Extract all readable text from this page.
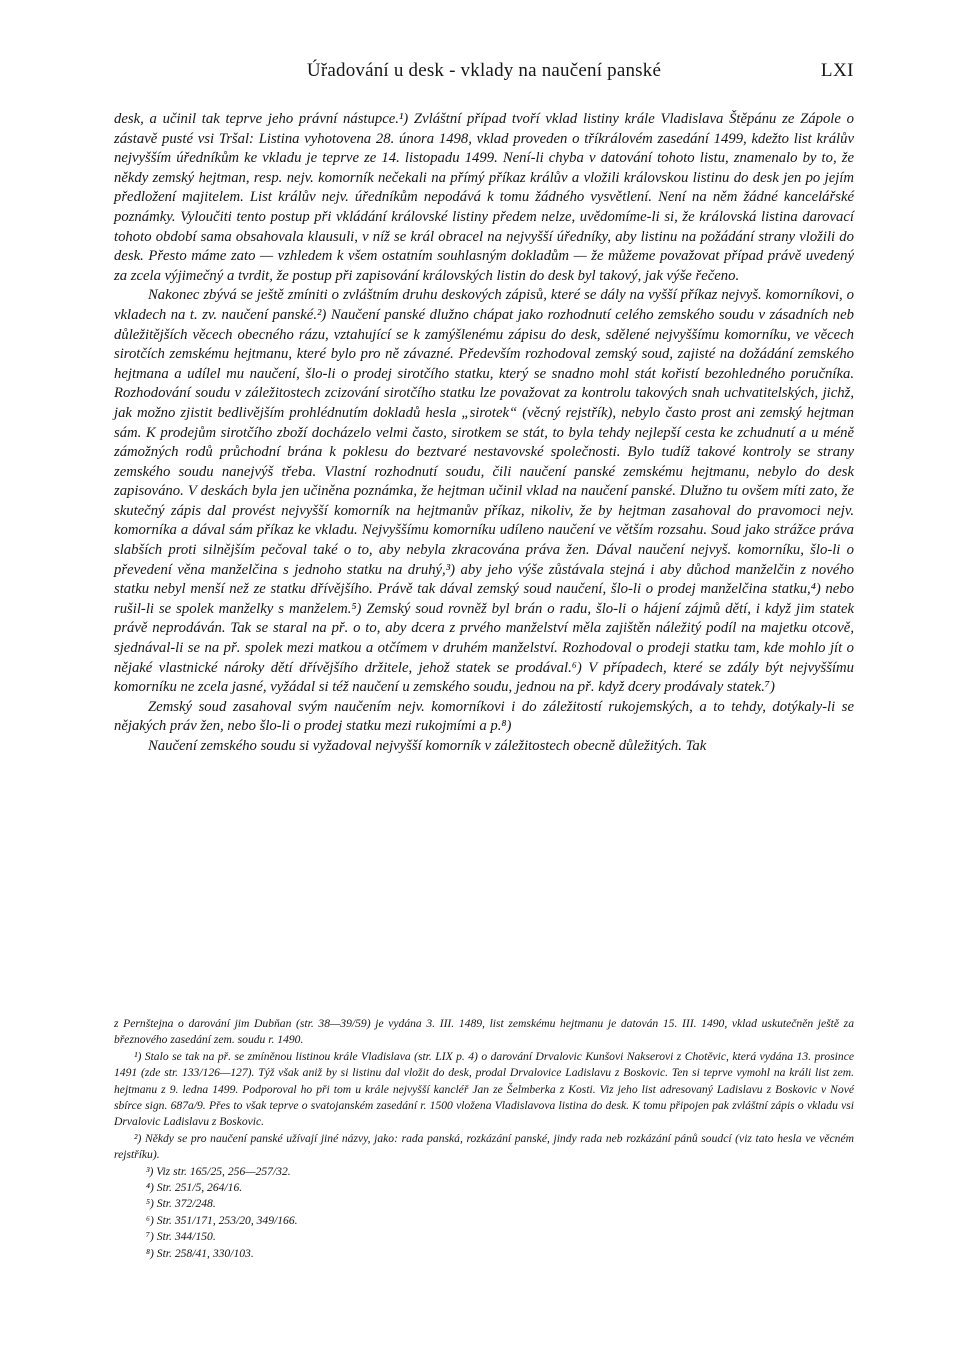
Úřadování u desk - vklady na naučení panské	LXI

desk, a učinil tak teprve jeho právní nástupce.¹) Zvláštní případ tvoří vklad listiny krále Vladislava Štěpánu ze Zápole o zástavě pusté vsi Tršal: Listina vyhotovena 28. února 1498, vklad proveden o tříkrálovém zasedání 1499, kdežto list králův nejvyšším úředníkům ke vkladu je teprve ze 14. listopadu 1499. Není-li chyba v datování tohoto listu, znamenalo by to, že někdy zemský hejtman, resp. nejv. komorník nečekali na přímý příkaz králův a vložili královskou listinu do desk jen po jejím předložení majitelem. List králův nejv. úředníkům nepodává k tomu žádného vysvětlení. Není na něm žádné kancelářské poznámky. Vyloučiti tento postup při vkládání královské listiny předem nelze, uvědomíme-li si, že královská listina darovací tohoto období sama obsahovala klausuli, v níž se král obracel na nejvyšší úředníky, aby listinu na požádání strany vložili do desk. Přesto máme zato — vzhledem k všem ostatním souhlasným dokladům — že můžeme považovat případ právě uvedený za zcela výjimečný a tvrdit, že postup při zapisování královských listin do desk byl takový, jak výše řečeno.

Nakonec zbývá se ještě zmíniti o zvláštním druhu deskových zápisů, které se dály na vyšší příkaz nejvyš. komorníkovi, o vkladech na t. zv. naučení panské.²) Naučení panské dlužno chápat jako rozhodnutí celého zemského soudu v zásadních neb důležitějších věcech obecného rázu, vztahující se k zamýšlenému zápisu do desk, sdělené nejvyššímu komorníku, ve věcech sirotčích zemskému hejtmanu, které bylo pro ně závazné. Především rozhodoval zemský soud, zajisté na dožádání zemského hejtmana a udílel mu naučení, šlo-li o prodej sirotčího statku, který se snadno mohl stát kořistí bezohledného poručníka. Rozhodování soudu v záležitostech zcizování sirotčího statku lze považovat za kontrolu takových snah uchvatitelských, jichž, jak možno zjistit bedlivějším prohlédnutím dokladů hesla „sirotek“ (věcný rejstřík), nebylo často prost ani zemský hejtman sám. K prodejům sirotčího zboží docházelo velmi často, sirotkem se stát, to byla tehdy nejlepší cesta ke zchudnutí a u méně zámožných rodů průchodní brána k poklesu do beztvaré nestavovské společnosti. Bylo tudíž takové kontroly se strany zemského soudu nanejvýš třeba. Vlastní rozhodnutí soudu, čili naučení panské zemskému hejtmanu, nebylo do desk zapisováno. V deskách byla jen učiněna poznámka, že hejtman učinil vklad na naučení panské. Dlužno tu ovšem míti zato, že skutečný zápis dal provést nejvyšší komorník na hejtmanův příkaz, nikoliv, že by hejtman zasahoval do pravomoci nejv. komorníka a dával sám příkaz ke vkladu. Nejvyššímu komorníku udíleno naučení ve větším rozsahu. Soud jako strážce práva slabších proti silnějším pečoval také o to, aby nebyla zkracována práva žen. Dával naučení nejvyš. komorníku, šlo-li o převedení věna manželčina s jednoho statku na druhý,³) aby jeho výše zůstávala stejná i aby důchod manželčin z nového statku nebyl menší než ze statku dřívějšího. Právě tak dával zemský soud naučení, šlo-li o prodej manželčina statku,⁴) nebo rušil-li se spolek manželky s manželem.⁵) Zemský soud rovněž byl brán o radu, šlo-li o hájení zájmů dětí, i když jim statek právě neprodáván. Tak se staral na př. o to, aby dcera z prvého manželství měla zajištěn náležitý podíl na majetku otcově, sjednával-li se na př. spolek mezi matkou a otčímem v druhém manželství. Rozhodoval o prodeji statku tam, kde mohlo jít o nějaké vlastnické nároky dětí dřívějšího držitele, jehož statek se prodával.⁶) V případech, které se zdály být nejvyššímu komorníku ne zcela jasné, vyžádal si též naučení u zemského soudu, jednou na př. když dcery prodávaly statek.⁷)

Zemský soud zasahoval svým naučením nejv. komorníkovi i do záležitostí rukojemských, a to tehdy, dotýkaly-li se nějakých práv žen, nebo šlo-li o prodej statku mezi rukojmími a p.⁸)

Naučení zemského soudu si vyžadoval nejvyšší komorník v záležitostech obecně důležitých. Tak

z Pernštejna o darování jim Dubňan (str. 38—39/59) je vydána 3. III. 1489, list zemskému hejtmanu je datován 15. III. 1490, vklad uskutečněn ještě za březnového zasedání zem. soudu r. 1490.

¹) Stalo se tak na př. se zmíněnou listinou krále Vladislava (str. LIX p. 4) o darování Drvalovic Kunšovi Nakserovi z Chotěvic, která vydána 13. prosince 1491 (zde str. 133/126—127). Týž však aniž by si listinu dal vložit do desk, prodal Drvalovice Ladislavu z Boskovic. Ten si teprve vymohl na králi list zem. hejtmanu z 9. ledna 1499. Podporoval ho při tom u krále nejvyšší kancléř Jan ze Šelmberka z Kosti. Viz jeho list adresovaný Ladislavu z Boskovic v Nové sbírce sign. 687a/9. Přes to však teprve o svatojanském zasedání r. 1500 vložena Vladislavova listina do desk. K tomu připojen pak zvláštní zápis o vkladu vsi Drvalovic Ladislavu z Boskovic.

²) Někdy se pro naučení panské užívají jiné názvy, jako: rada panská, rozkázání panské, jindy rada neb rozkázání pánů soudcí (viz tato hesla ve věcném rejstříku).

³) Viz str. 165/25, 256—257/32.

⁴) Str. 251/5, 264/16.

⁵) Str. 372/248.

⁶) Str. 351/171, 253/20, 349/166.

⁷) Str. 344/150.

⁸) Str. 258/41, 330/103.
